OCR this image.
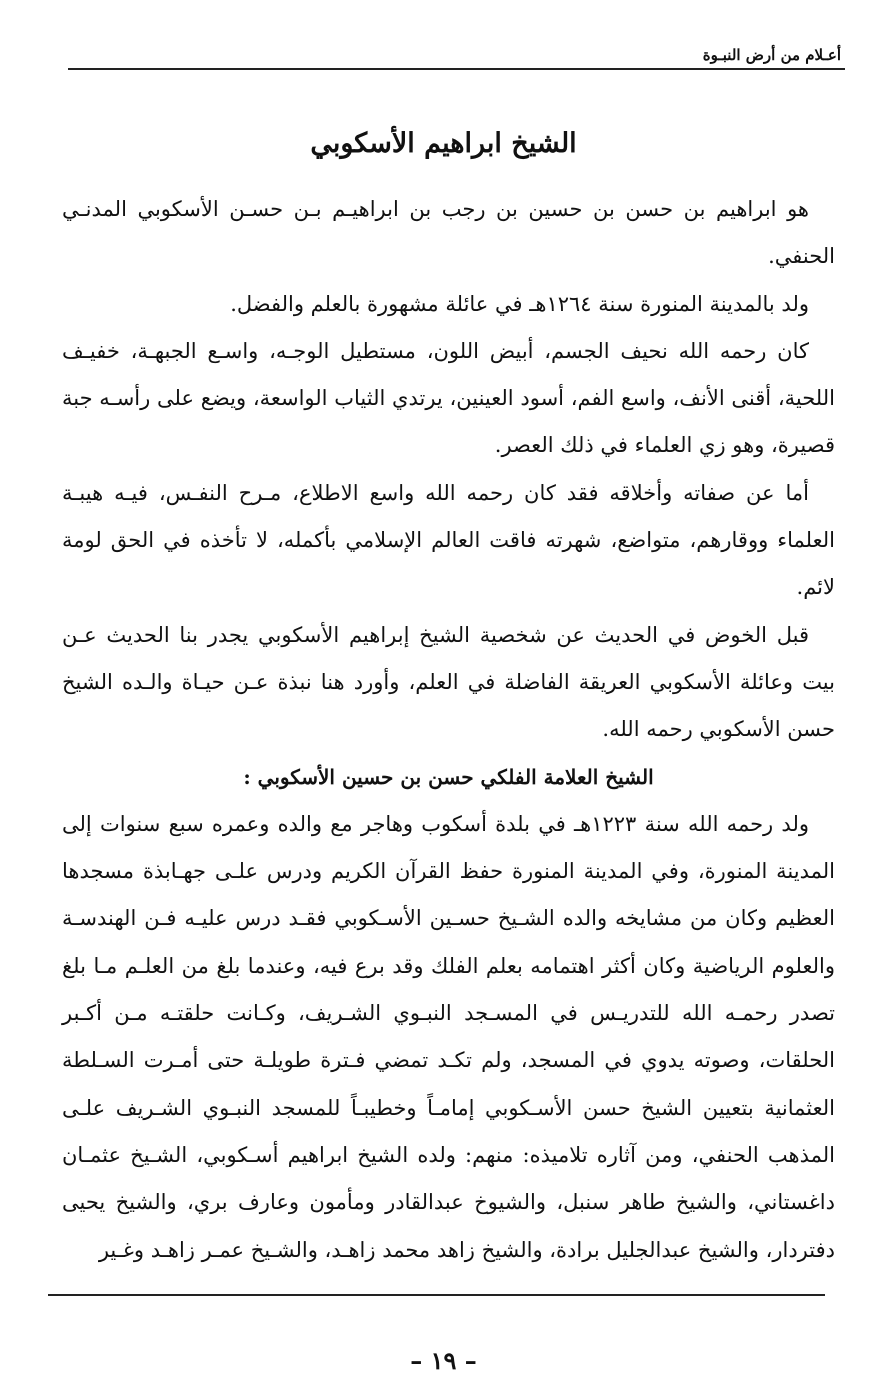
أعـلام من أرض النبـوة
الشيخ ابراهيم الأسكوبي

هو ابراهيم بن حسن بن حسين بن رجب بن ابراهيـم بـن حسـن الأسكوبي المدنـي الحنفي.

ولد بالمدينة المنورة سنة ١٢٦٤هـ في عائلة مشهورة بالعلم والفضل.

كان رحمه الله نحيف الجسم، أبيض اللون، مستطيل الوجـه، واسـع الجبهـة، خفيـف اللحية، أقنى الأنف، واسع الفم، أسود العينين، يرتدي الثياب الواسعة، ويضع على رأسـه جبة قصيرة، وهو زي العلماء في ذلك العصر.

أما عن صفاته وأخلاقه فقد كان رحمه الله واسع الاطلاع، مـرح النفـس، فيـه هيبـة العلماء ووقارهم، متواضع، شهرته فاقت العالم الإسلامي بأكمله، لا تأخذه في الحق لومة لائم.

قبل الخوض في الحديث عن شخصية الشيخ إبراهيم الأسكوبي يجدر بنا الحديث عـن بيت وعائلة الأسكوبي العريقة الفاضلة في العلم، وأورد هنا نبذة عـن حيـاة والـده الشيخ حسن الأسكوبي رحمه الله.

الشيخ العلامة الفلكي حسن بن حسين الأسكوبي :

ولد رحمه الله سنة ١٢٢٣هـ في بلدة أسكوب وهاجر مع والده وعمره سبع سنوات إلى المدينة المنورة، وفي المدينة المنورة حفظ القرآن الكريم ودرس علـى جهـابذة مسجدها العظيم وكان من مشايخه والده الشـيخ حسـين الأسـكوبي فقـد درس عليـه فـن الهندسـة والعلوم الرياضية وكان أكثر اهتمامه بعلم الفلك وقد برع فيه، وعندما بلغ من العلـم مـا بلغ تصدر رحمـه الله للتدريـس في المسـجد النبـوي الشـريف، وكـانت حلقتـه مـن أكـبر الحلقات، وصوته يدوي في المسجد، ولم تكـد تمضي فـترة طويلـة حتى أمـرت السـلطة العثمانية بتعيين الشيخ حسن الأسـكوبي إمامـاً وخطيبـاً للمسجد النبـوي الشـريف علـى المذهب الحنفي، ومن آثاره تلاميذه: منهم: ولده الشيخ ابراهيم أسـكوبي، الشـيخ عثمـان داغستاني، والشيخ طاهر سنبل، والشيوخ عبدالقادر ومأمون وعارف بري، والشيخ يحيى دفتردار، والشيخ عبدالجليل برادة، والشيخ زاهد محمد زاهـد، والشـيخ عمـر زاهـد وغـير

– ١٩ –
